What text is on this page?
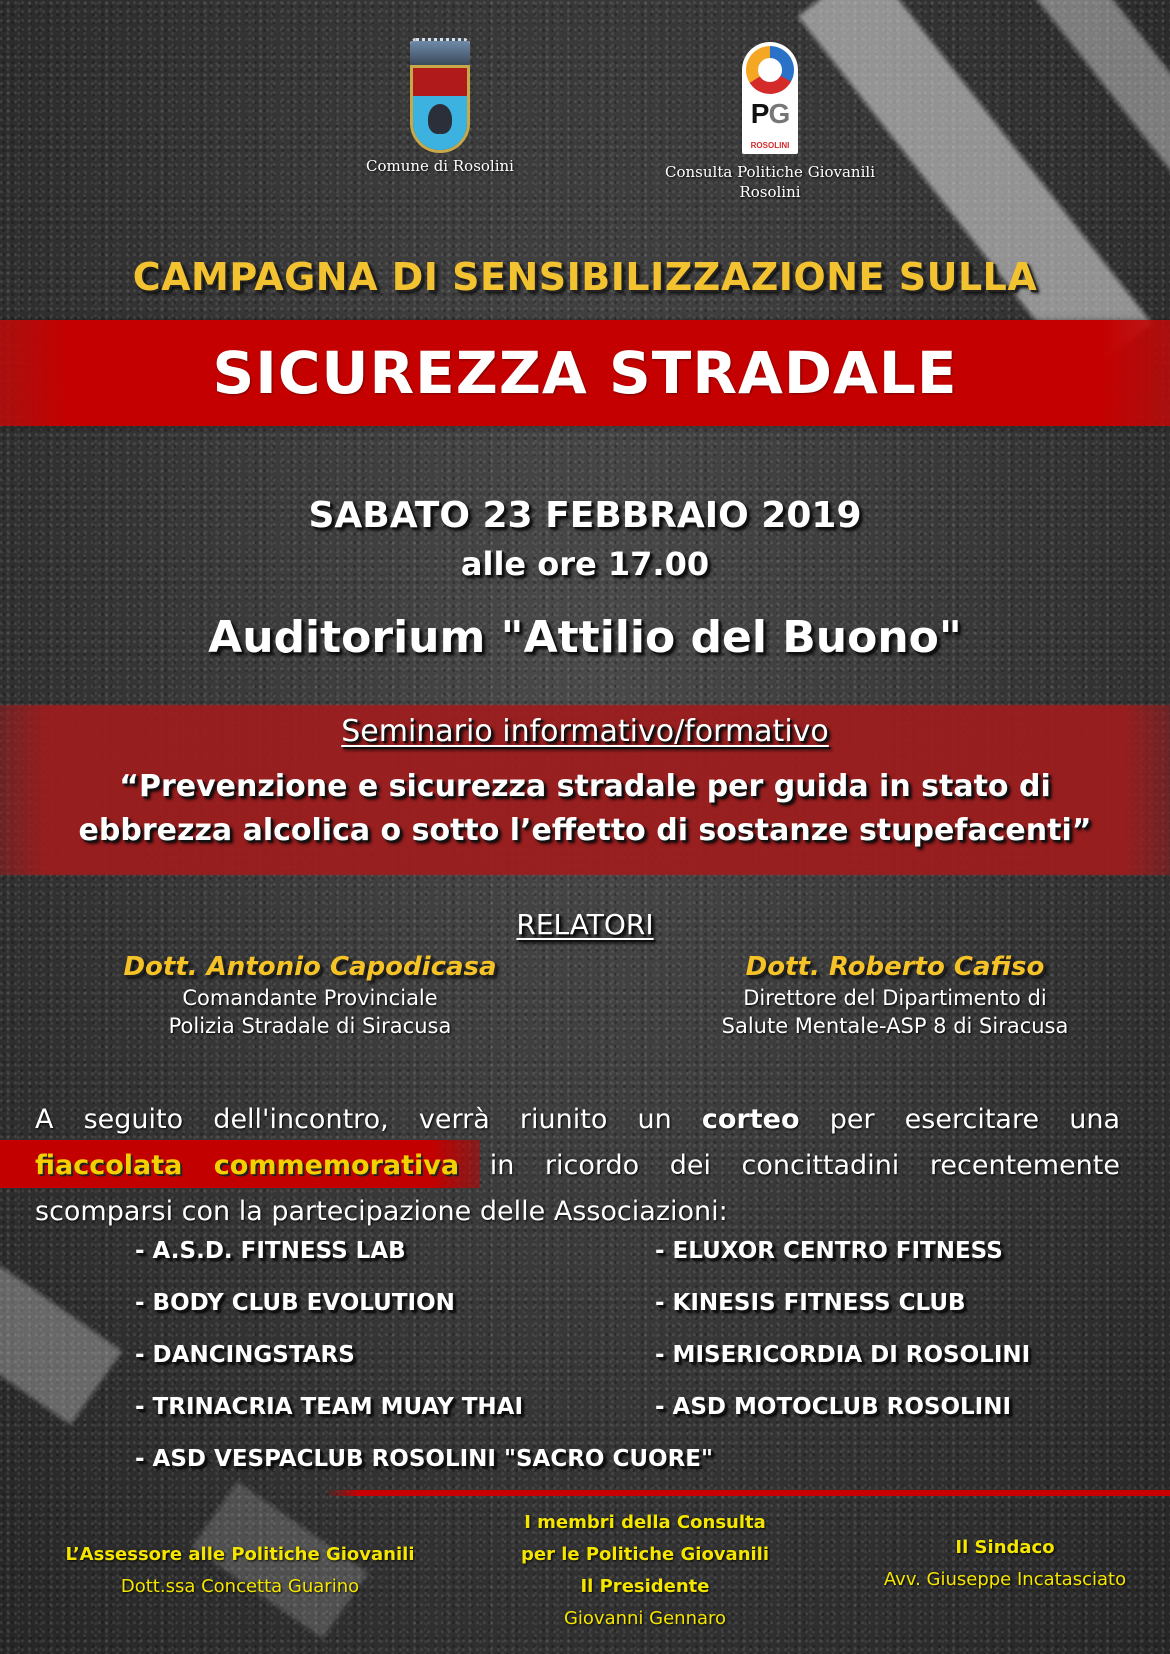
Comune di Rosolini
PG
ROSOLINI
Consulta Politiche Giovanili
Rosolini
CAMPAGNA DI SENSIBILIZZAZIONE SULLA
SICUREZZA STRADALE
SABATO 23 FEBBRAIO 2019
alle ore 17.00
Auditorium "Attilio del Buono"
Seminario informativo/formativo
“Prevenzione e sicurezza stradale per guida in stato di
ebbrezza alcolica o sotto l’effetto di sostanze stupefacenti”
RELATORI
Dott. Antonio Capodicasa
Comandante Provinciale
Polizia Stradale di Siracusa
Dott. Roberto Cafiso
Direttore del Dipartimento di
Salute Mentale-ASP 8 di Siracusa
A seguito dell'incontro, verrà riunito un corteo per esercitare una
fiaccolata commemorativa in ricordo dei concittadini recentemente
scomparsi con la partecipazione delle Associazioni:
- A.S.D. FITNESS LAB	- ELUXOR CENTRO FITNESS
- BODY CLUB EVOLUTION	- KINESIS FITNESS CLUB
- DANCINGSTARS	- MISERICORDIA DI ROSOLINI
- TRINACRIA TEAM MUAY THAI	- ASD MOTOCLUB ROSOLINI
- ASD VESPACLUB ROSOLINI "SACRO CUORE"
L’Assessore alle Politiche Giovanili
Dott.ssa Concetta Guarino
I membri della Consulta
per le Politiche Giovanili
Il Presidente
Giovanni Gennaro
Il Sindaco
Avv. Giuseppe Incatasciato
